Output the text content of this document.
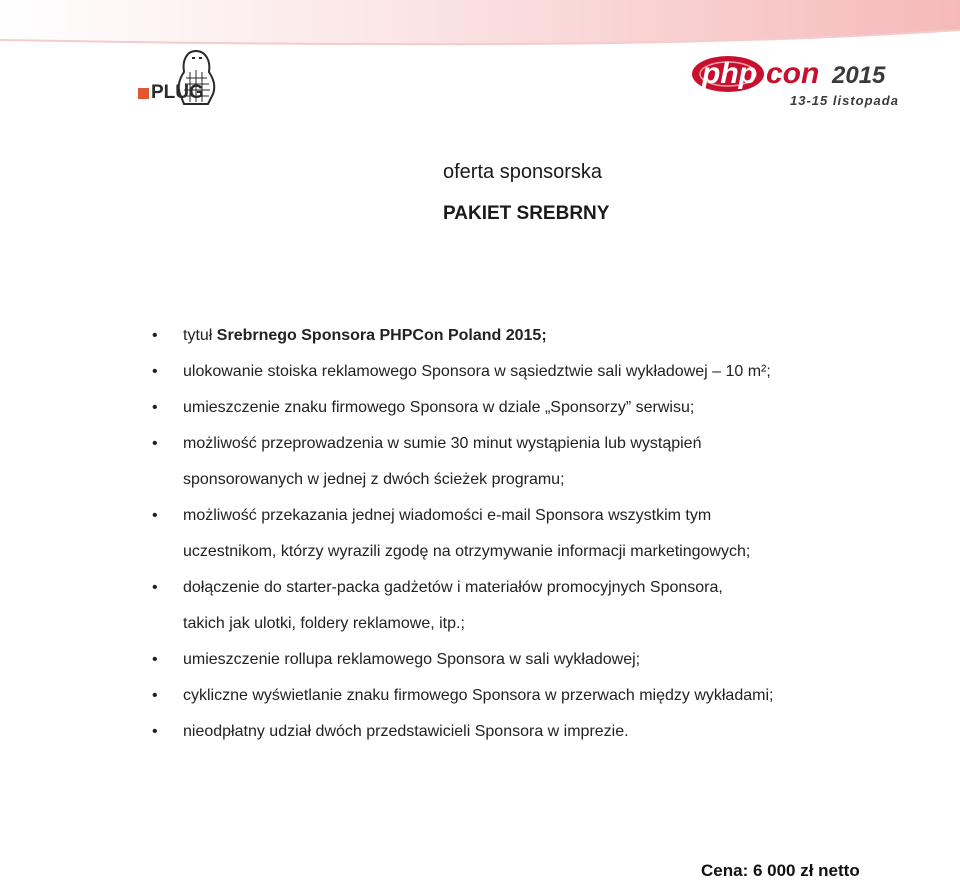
PLUG
php con 2015
13-15 listopada
oferta sponsorska
PAKIET SREBRNY
• tytuł Srebrnego Sponsora PHPCon Poland 2015;
• ulokowanie stoiska reklamowego Sponsora w sąsiedztwie sali wykładowej – 10 m²;
• umieszczenie znaku firmowego Sponsora w dziale „Sponsorzy” serwisu;
• możliwość przeprowadzenia w sumie 30 minut wystąpienia lub wystąpień
sponsorowanych w jednej z dwóch ścieżek programu;
• możliwość przekazania jednej wiadomości e-mail Sponsora wszystkim tym
uczestnikom, którzy wyrazili zgodę na otrzymywanie informacji marketingowych;
• dołączenie do starter-packa gadżetów i materiałów promocyjnych Sponsora,
takich jak ulotki, foldery reklamowe, itp.;
• umieszczenie rollupa reklamowego Sponsora w sali wykładowej;
• cykliczne wyświetlanie znaku firmowego Sponsora w przerwach między wykładami;
• nieodpłatny udział dwóch przedstawicieli Sponsora w imprezie.
Cena: 6 000 zł netto
